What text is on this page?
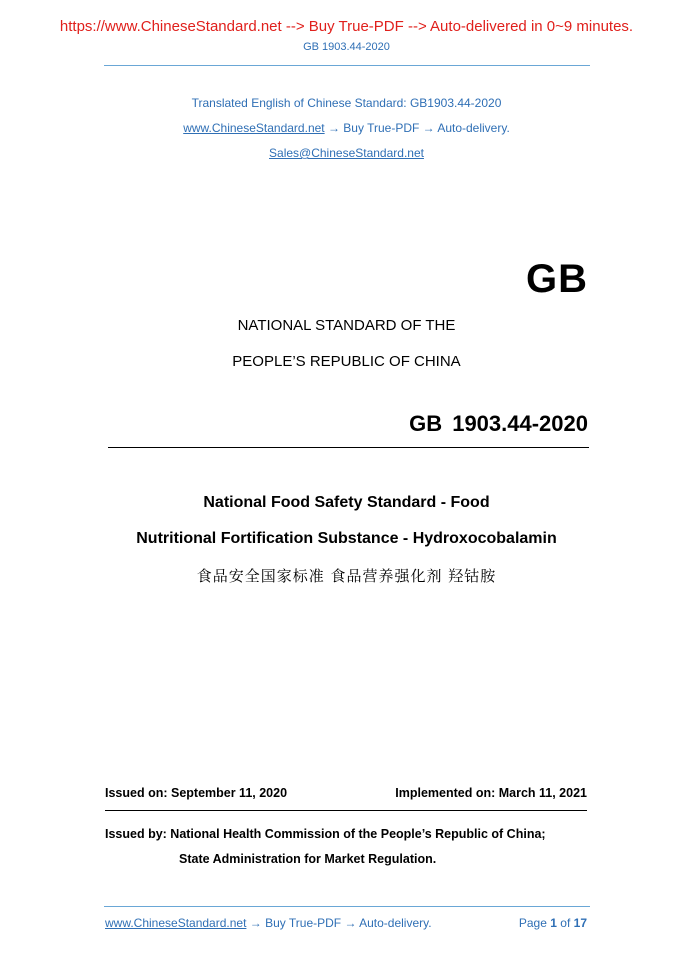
https://www.ChineseStandard.net --> Buy True-PDF --> Auto-delivered in 0~9 minutes.
GB 1903.44-2020
Translated English of Chinese Standard: GB1903.44-2020
www.ChineseStandard.net → Buy True-PDF → Auto-delivery.
Sales@ChineseStandard.net
GB
NATIONAL STANDARD OF THE
PEOPLE’S REPUBLIC OF CHINA
GB 1903.44-2020
National Food Safety Standard - Food
Nutritional Fortification Substance - Hydroxocobalamin
食品安全国家标准 食品营养强化剂 羟钴胺
Issued on: September 11, 2020	Implemented on: March 11, 2021
Issued by: National Health Commission of the People’s Republic of China;
State Administration for Market Regulation.
www.ChineseStandard.net → Buy True-PDF → Auto-delivery.	Page 1 of 17
